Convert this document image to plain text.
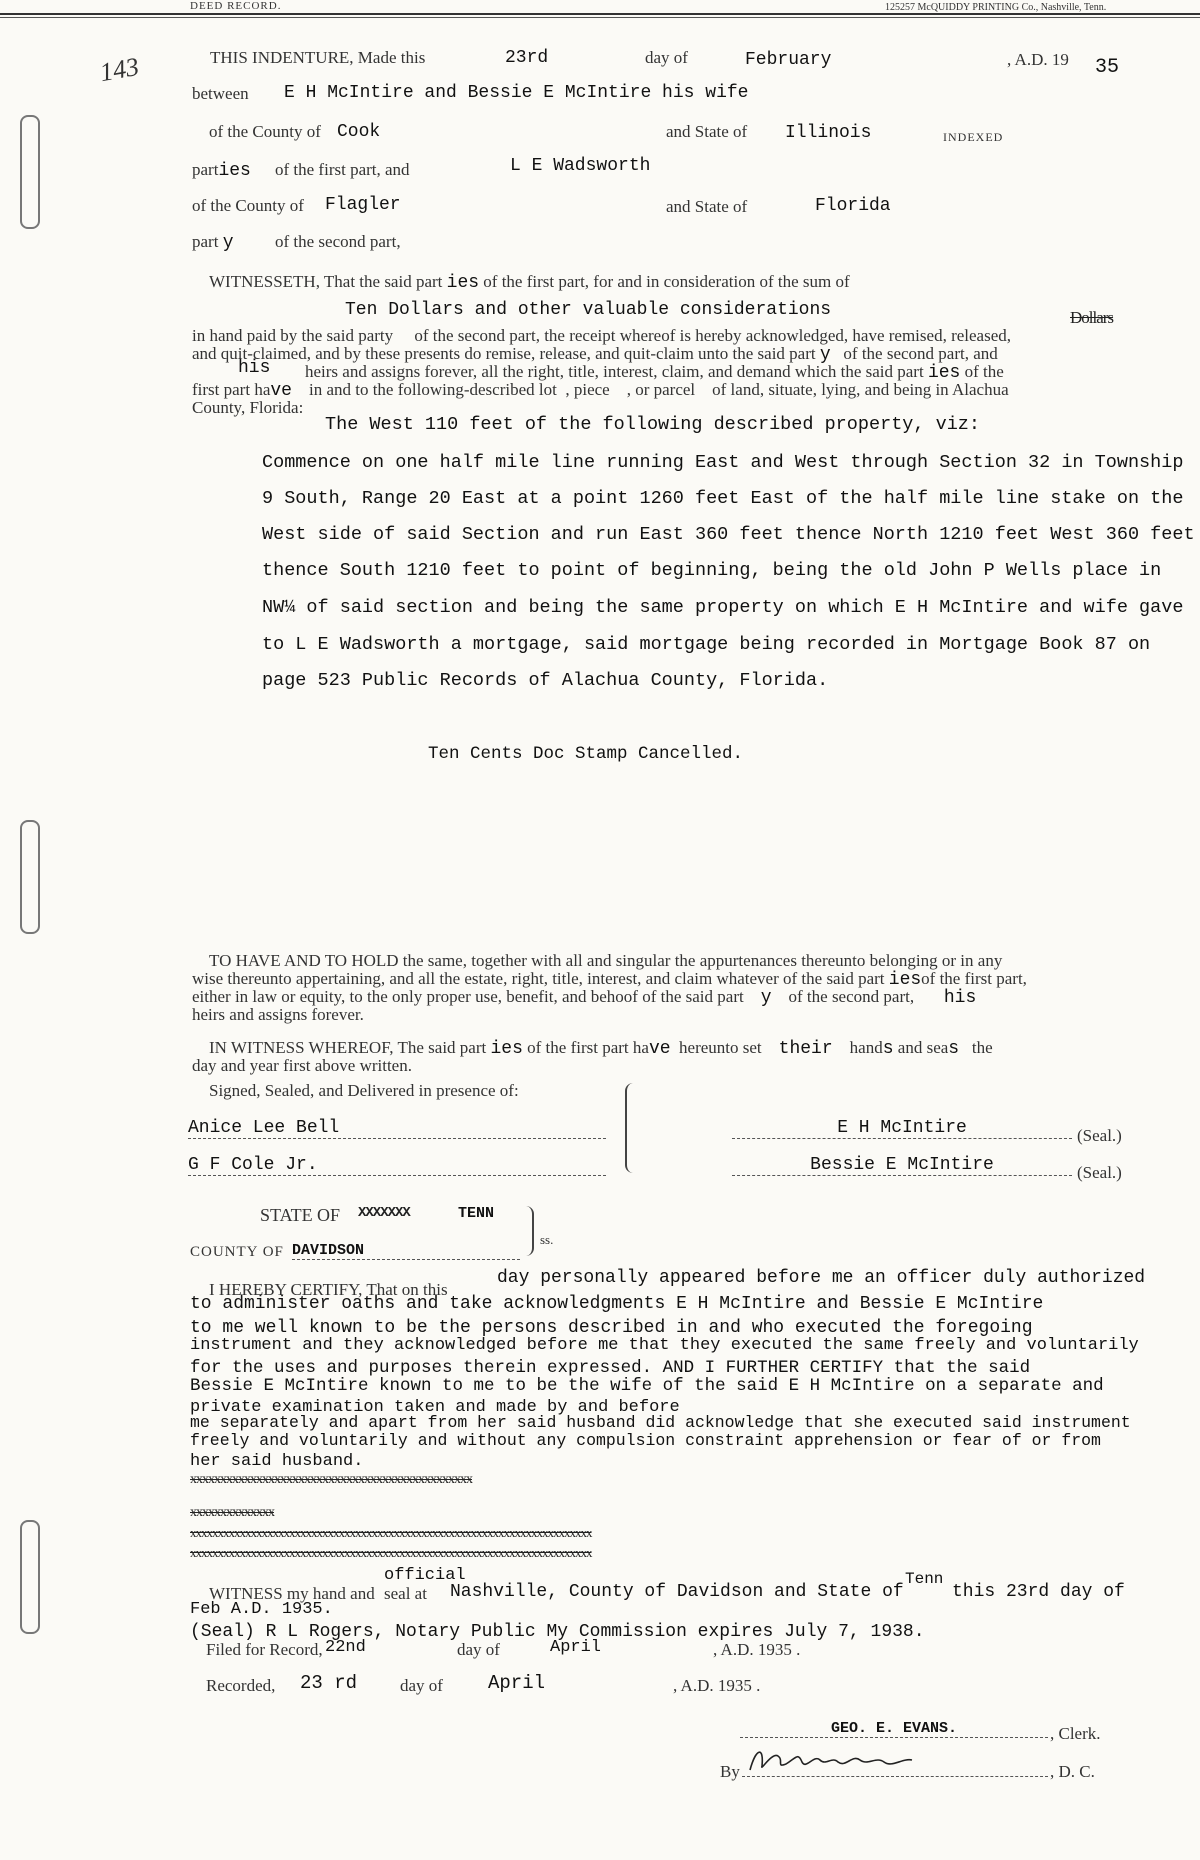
DEED RECORD.	125257 McQUIDDY PRINTING Co., Nashville, Tenn.
143	THIS INDENTURE, Made this	23rd	day of	February	, A.D. 19 35
between E H McIntire and Bessie E McIntire his wife
of the County of Cook	and State of Illinois	INDEXED
parties of the first part, and	L E Wadsworth
of the County of Flagler	and State of	Florida
part y of the second part,
WITNESSETH, That the said part ies of the first part, for and in consideration of the sum of
Ten Dollars and other valuable considerations	Dollars
in hand paid by the said party of the second part, the receipt whereof is hereby acknowledged, have remised, released,
and quit-claimed, and by these presents do remise, release, and quit-claim unto the said part y of the second part, and
his heirs and assigns forever, all the right, title, interest, claim, and demand which the said part ies of the
first part have in and to the following-described lot , piece , or parcel of land, situate, lying, and being in Alachua
County, Florida:
The West 110 feet of the following described property, viz:
Commence on one half mile line running East and West through Section 32 in Township
9 South, Range 20 East at a point 1260 feet East of the half mile line stake on the
West side of said Section and run East 360 feet thence North 1210 feet West 360 feet
thence South 1210 feet to point of beginning, being the old John P Wells place in
NW¼ of said section and being the same property on which E H McIntire and wife gave
to L E Wadsworth a mortgage, said mortgage being recorded in Mortgage Book 87 on
page 523 Public Records of Alachua County, Florida.
Ten Cents Doc Stamp Cancelled.
TO HAVE AND TO HOLD the same, together with all and singular the appurtenances thereunto belonging or in any
wise thereunto appertaining, and all the estate, right, title, interest, and claim whatever of the said part iesof the first part,
either in law or equity, to the only proper use, benefit, and behoof of the said part y of the second part, his
heirs and assigns forever.
IN WITNESS WHEREOF, The said part ies of the first part have hereunto set their hands and seas the
day and year first above written.
Signed, Sealed, and Delivered in presence of:
Anice Lee Bell
G F Cole Jr.
E H McIntire	(Seal.)
Bessie E McIntire	(Seal.)
STATE OF XXXXXXX	TENN
ss.
COUNTY OF DAVIDSON
I HEREBY CERTIFY, That on this
day personally appeared before me an officer duly authorized
to administer oaths and take acknowledgments E H McIntire and Bessie E McIntire
to me well known to be the persons described in and who executed the foregoing
instrument and they acknowledged before me that they executed the same freely and voluntarily
for the uses and purposes therein expressed. AND I FURTHER CERTIFY that the said
Bessie E McIntire known to me to be the wife of the said E H McIntire on a separate and
private examination taken and made by and before
me separately and apart from her said husband did acknowledge that she executed said instrument
freely and voluntarily and without any compulsion constraint apprehension or fear of or from
her said husband.
xxxxxxxxxxxxxxxxxxxxxxxxxxxxxxxxxxxxxxxxxxxxxxx
xxxxxxxxxxxxxx
xxxxxxxxxxxxxxxxxxxxxxxxxxxxxxxxxxxxxxxxxxxxxxxxxxxxxxxxxxxxxxxxxxxxxxxxx
xxxxxxxxxxxxxxxxxxxxxxxxxxxxxxxxxxxxxxxxxxxxxxxxxxxxxxxxxxxxxxxxxxxxxxxxx
WITNESS my hand and
official
seal at Nashville, County of Davidson and State of
Tenn
this 23rd day of
Feb A.D. 1935.
(Seal) R L Rogers, Notary Public My Commission expires July 7, 1938.
Filed for Record, 22nd	day of	April	, A.D. 1935 .
Recorded, 23 rd	day of April	, A.D. 1935 .
GEO. E. EVANS.	, Clerk.
By	, D. C.
